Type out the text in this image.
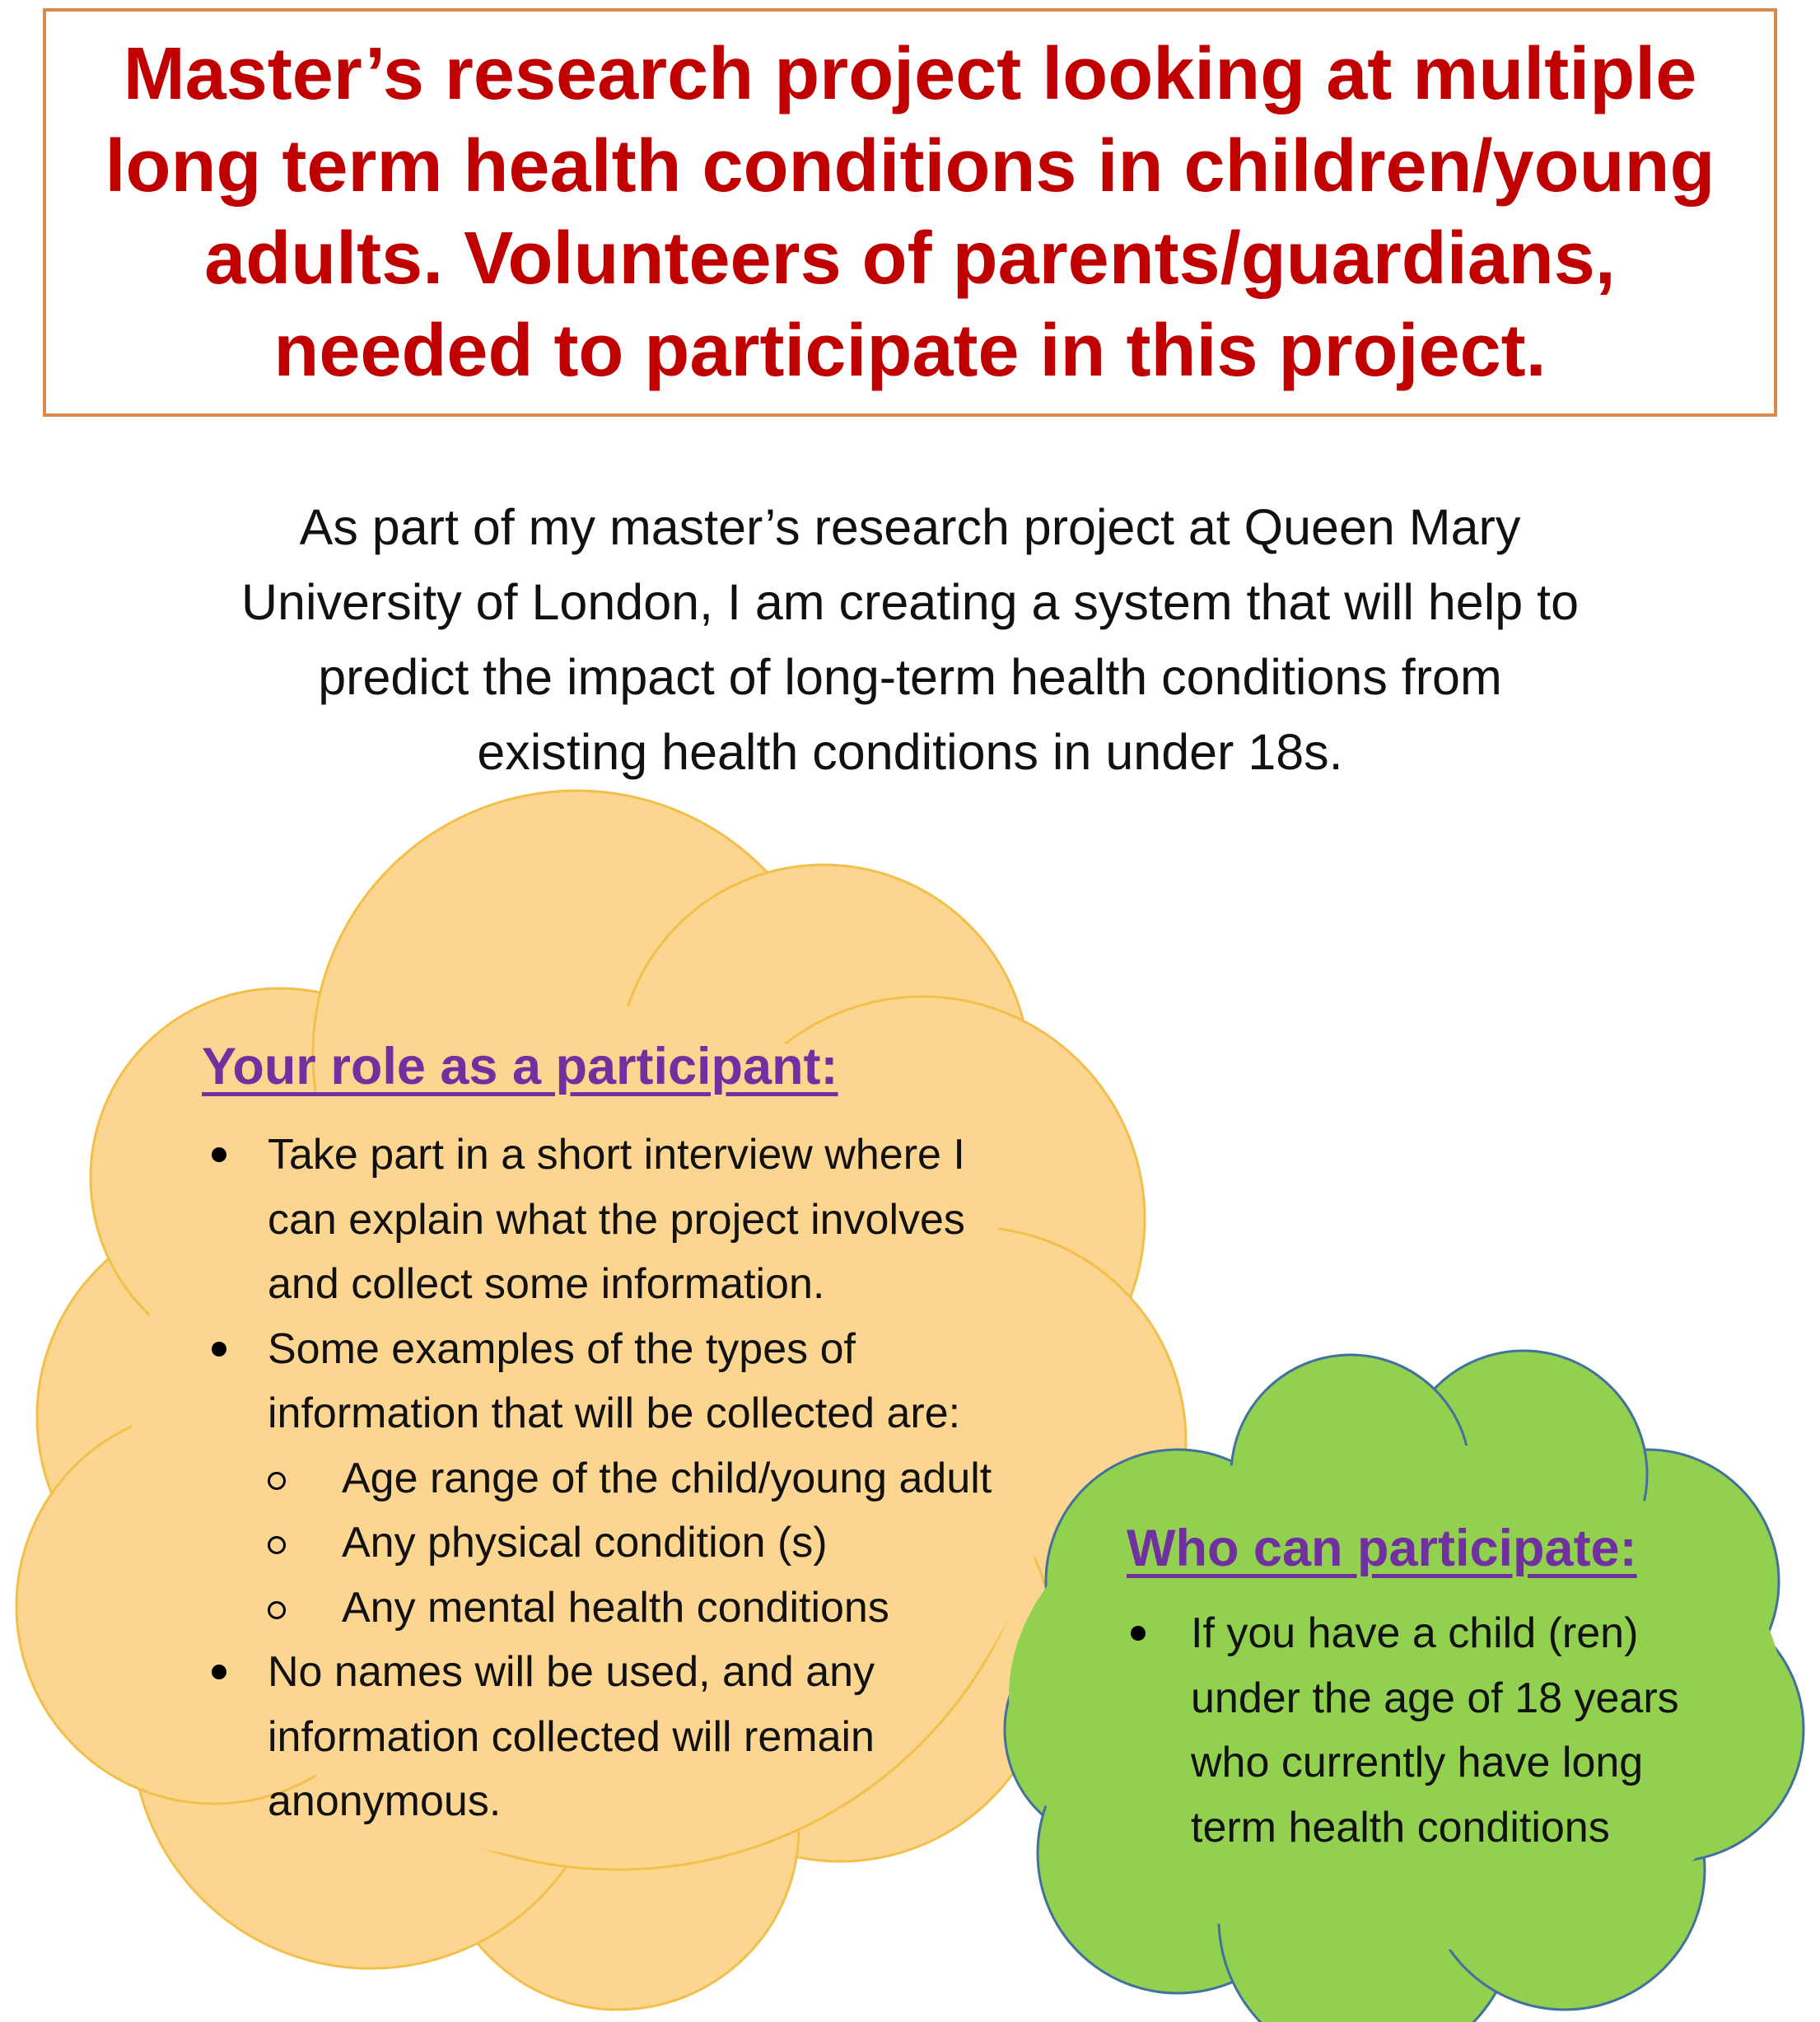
Master’s research project looking at multiple
long term health conditions in children/young
adults. Volunteers of parents/guardians,
needed to participate in this project.

As part of my master’s research project at Queen Mary
University of London, I am creating a system that will help to
predict the impact of long-term health conditions from
existing health conditions in under 18s.

Your role as a participant:
Take part in a short interview where I
can explain what the project involves
and collect some information.
Some examples of the types of
information that will be collected are:
Age range of the child/young adult
Any physical condition (s)
Any mental health conditions
No names will be used, and any
information collected will remain
anonymous.
Who can participate:
If you have a child (ren)
under the age of 18 years
who currently have long
term health conditions
